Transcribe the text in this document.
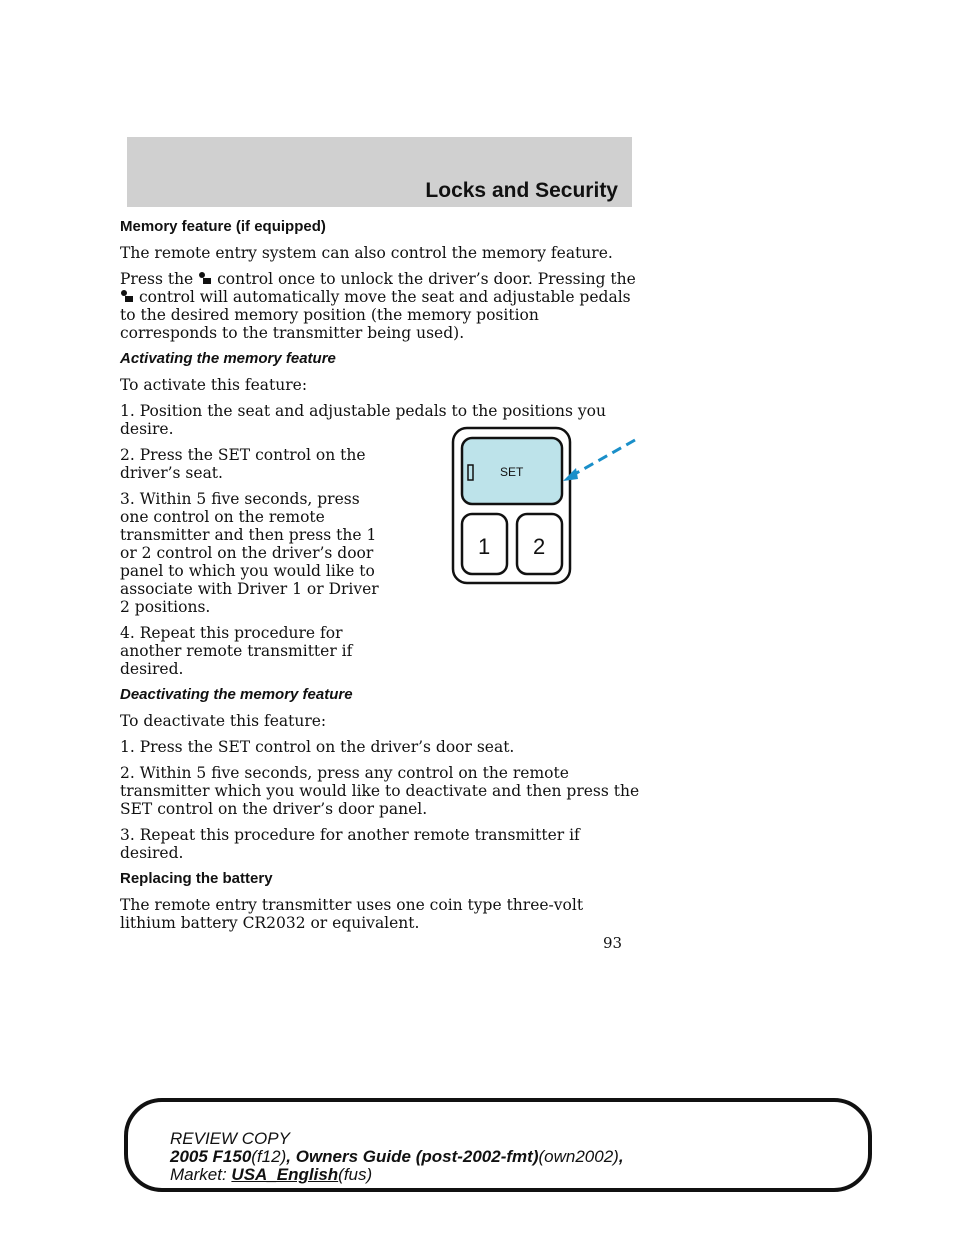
Locks and Security
Memory feature (if equipped)

The remote entry system can also control the memory feature.

Press the control once to unlock the driver’s door. Pressing the  control will automatically move the seat and adjustable pedals to the desired memory position (the memory position corresponds to the transmitter being used).

Activating the memory feature

To activate this feature:

1. Position the seat and adjustable pedals to the positions you desire.

2. Press the SET control on the driver’s seat.

3. Within 5 five seconds, press one control on the remote transmitter and then press the 1 or 2 control on the driver’s door panel to which you would like to associate with Driver 1 or Driver 2 positions.

4. Repeat this procedure for another remote transmitter if desired.

Deactivating the memory feature

To deactivate this feature:

1. Press the SET control on the driver’s door seat.

2. Within 5 five seconds, press any control on the remote transmitter which you would like to deactivate and then press the SET control on the driver’s door panel.

3. Repeat this procedure for another remote transmitter if desired.

Replacing the battery

The remote entry transmitter uses one coin type three-volt lithium battery CR2032 or equivalent.

SET
1 2
93
REVIEW COPY
2005 F150(f12), Owners Guide (post-2002-fmt)(own2002),
Market: USA_English(fus)
